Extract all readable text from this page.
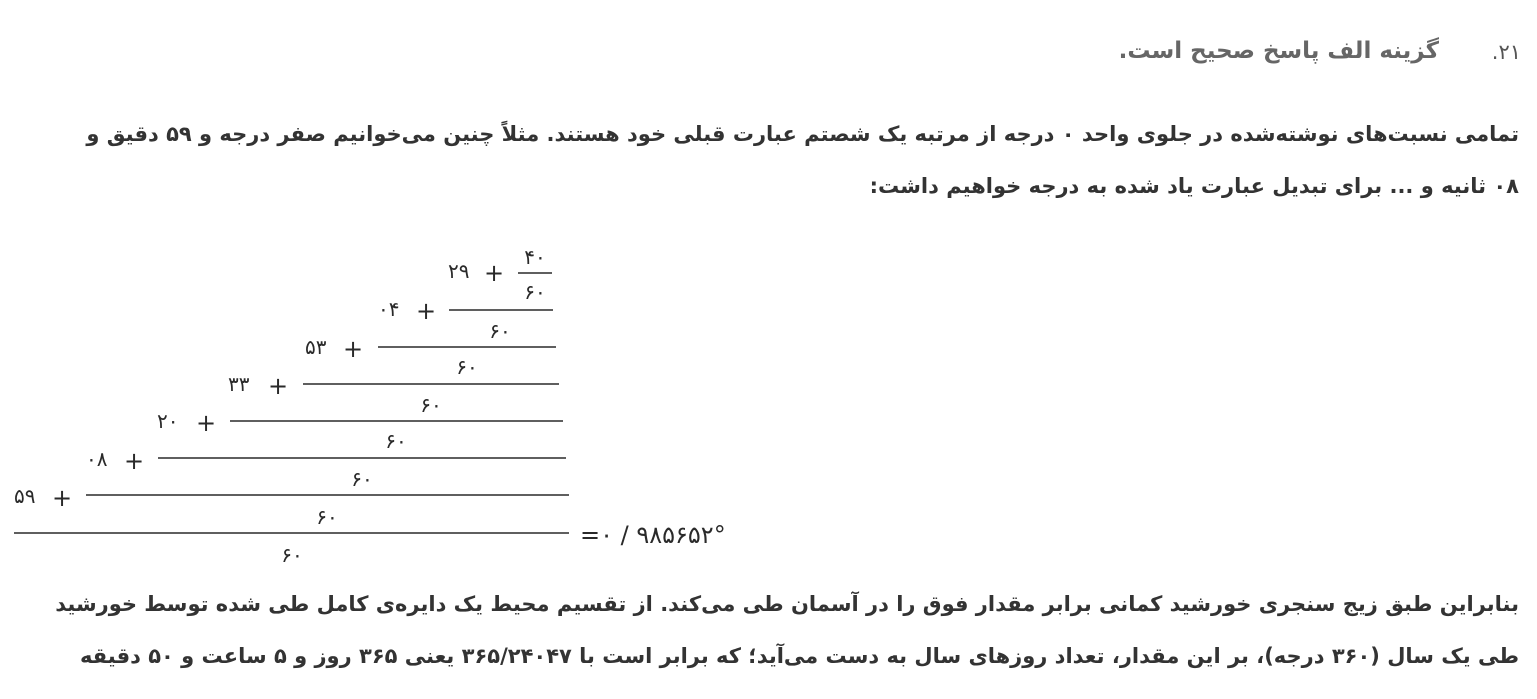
۲۱.
گزینه الف پاسخ صحیح است.
تمامی نسبت‌های نوشته‌شده در جلوی واحد ۰ درجه از مرتبه یک شصتم عبارت قبلی خود هستند. مثلاً چنین می‌خوانیم صفر درجه و ۵۹ دقیق و
۰۸ ثانیه و ... برای تبدیل عبارت یاد شده به درجه خواهیم داشت:
۴۰
۶۰
۲۹ +
۶۰
۰۴ +
۶۰
۵۳ +
۶۰
۳۳ +
۶۰
۲۰ +
۶۰
۰۸ +
۶۰
۵۹ +
۶۰
=۰ / ۹۸۵۶۵۲°
بنابراین طبق زیج سنجری خورشید کمانی برابر مقدار فوق را در آسمان طی می‌کند. از تقسیم محیط یک دایره‌ی کامل طی شده توسط خورشید
طی یک سال (۳۶۰ درجه)، بر این مقدار، تعداد روزهای سال به دست می‌آید؛ که برابر است با ۳۶۵/۲۴۰۴۷ یعنی ۳۶۵ روز و ۵ ساعت و ۵۰ دقیقه
